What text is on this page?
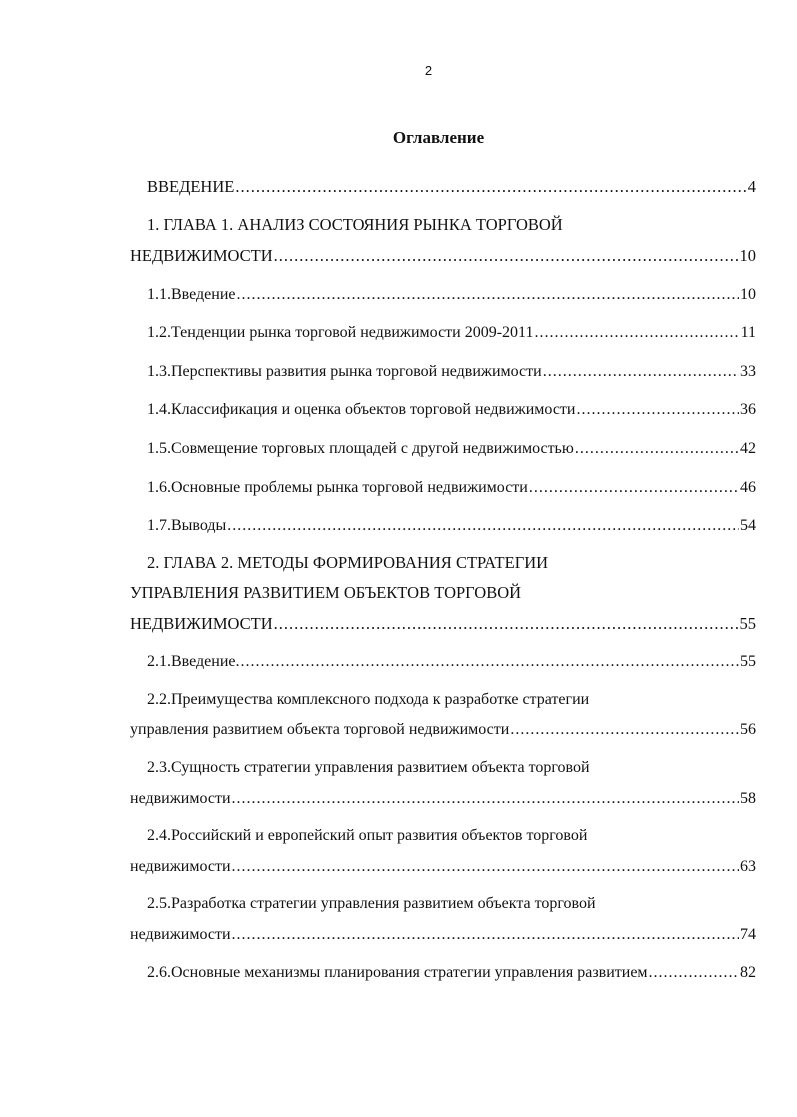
2
Оглавление
ВВЕДЕНИЕ .....	4
1. ГЛАВА 1. АНАЛИЗ СОСТОЯНИЯ РЫНКА ТОРГОВОЙ
НЕДВИЖИМОСТИ .....	10
1.1.Введение .....	10
1.2.Тенденции рынка торговой недвижимости 2009-2011 .....	11
1.3.Перспективы развития рынка торговой недвижимости .....	33
1.4.Классификация и оценка объектов торговой недвижимости .....	36
1.5.Совмещение торговых площадей с другой недвижимостью .....	42
1.6.Основные проблемы рынка торговой недвижимости .....	46
1.7.Выводы .....	54
2. ГЛАВА 2. МЕТОДЫ ФОРМИРОВАНИЯ СТРАТЕГИИ
УПРАВЛЕНИЯ РАЗВИТИЕМ ОБЪЕКТОВ ТОРГОВОЙ
НЕДВИЖИМОСТИ .....	55
2.1.Введение. .....	55
2.2.Преимущества комплексного подхода к разработке стратегии
управления развитием объекта торговой недвижимости .....	56
2.3.Сущность стратегии управления развитием объекта торговой
недвижимости .....	58
2.4.Российский и европейский опыт развития объектов торговой
недвижимости .....	63
2.5.Разработка стратегии управления развитием объекта торговой
недвижимости .....	74
2.6.Основные механизмы планирования стратегии управления развитием .....	82
